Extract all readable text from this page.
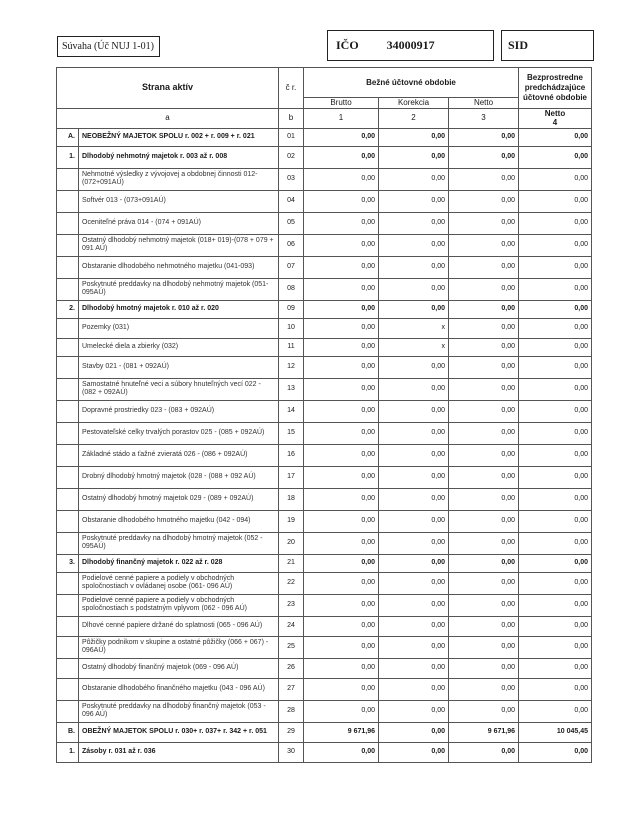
Súvaha (Úč NUJ 1-01)	IČO 34000917	SID
Strana aktív		č r.	Bežné účtovné obdobie			Bezprostredne predchádzajúce účtovné obdobie
			Brutto	Korekcia	Netto	
a		b	1	2	3	Netto
4

A.	NEOBEŽNÝ MAJETOK SPOLU r. 002 + r. 009 + r. 021	01	0,00	0,00	0,00	0,00
1.	Dlhodobý nehmotný majetok r. 003 až r. 008	02	0,00	0,00	0,00	0,00
	Nehmotné výsledky z vývojovej a obdobnej činnosti 012-(072+091AÚ)	03	0,00	0,00	0,00	0,00
	Softvér 013 - (073+091AÚ)	04	0,00	0,00	0,00	0,00
	Oceniteľné práva 014 - (074 + 091AÚ)	05	0,00	0,00	0,00	0,00
	Ostatný dlhodobý nehmotný majetok (018+ 019)-(078 + 079 + 091 AÚ)	06	0,00	0,00	0,00	0,00
	Obstaranie dlhodobého nehmotného majetku (041-093)	07	0,00	0,00	0,00	0,00
	Poskytnuté preddavky na dlhodobý nehmotný majetok (051- 095AÚ)	08	0,00	0,00	0,00	0,00
2.	Dlhodobý hmotný majetok r. 010 až r. 020	09	0,00	0,00	0,00	0,00
	Pozemky (031)	10	0,00	x	0,00	0,00
	Umelecké diela a zbierky (032)	11	0,00	x	0,00	0,00
	Stavby 021 - (081 + 092AÚ)	12	0,00	0,00	0,00	0,00
	Samostatné hnuteľné veci a súbory hnuteľných vecí 022 - (082 + 092AÚ)	13	0,00	0,00	0,00	0,00
	Dopravné prostriedky 023 - (083 + 092AÚ)	14	0,00	0,00	0,00	0,00
	Pestovateľské celky trvalých porastov 025 - (085 + 092AÚ)	15	0,00	0,00	0,00	0,00
	Základné stádo a ťažné zvieratá 026 - (086 + 092AÚ)	16	0,00	0,00	0,00	0,00
	Drobný dlhodobý hmotný majetok (028 - (088 + 092 AÚ)	17	0,00	0,00	0,00	0,00
	Ostatný dlhodobý hmotný majetok 029 - (089 + 092AÚ)	18	0,00	0,00	0,00	0,00
	Obstaranie dlhodobého hmotného majetku (042 - 094)	19	0,00	0,00	0,00	0,00
	Poskytnuté preddavky na dlhodobý hmotný majetok (052 - 095AÚ)	20	0,00	0,00	0,00	0,00
3.	Dlhodobý finančný majetok r. 022 až r. 028	21	0,00	0,00	0,00	0,00
	Podielové cenné papiere a podiely v obchodných spoločnostiach v ovládanej osobe (061- 096 AÚ)	22	0,00	0,00	0,00	0,00
	Podielové cenné papiere a podiely v obchodných spoločnostiach s podstatným vplyvom (062 - 096 AÚ)	23	0,00	0,00	0,00	0,00
	Dlhové cenné papiere držané do splatnosti (065 - 096 AÚ)	24	0,00	0,00	0,00	0,00
	Pôžičky podnikom v skupine a ostatné pôžičky (066 + 067) - 096AÚ)	25	0,00	0,00	0,00	0,00
	Ostatný dlhodobý finančný majetok (069 - 096 AÚ)	26	0,00	0,00	0,00	0,00
	Obstaranie dlhodobého finančného majetku (043 - 096 AÚ)	27	0,00	0,00	0,00	0,00
	Poskytnuté preddavky na dlhodobý finančný majetok (053 - 096 AÚ)	28	0,00	0,00	0,00	0,00
B.	OBEŽNÝ MAJETOK SPOLU r. 030+ r. 037+ r. 342 + r. 051	29	9 671,96	0,00	9 671,96	10 045,45
1.	Zásoby r. 031 až r. 036	30	0,00	0,00	0,00	0,00
